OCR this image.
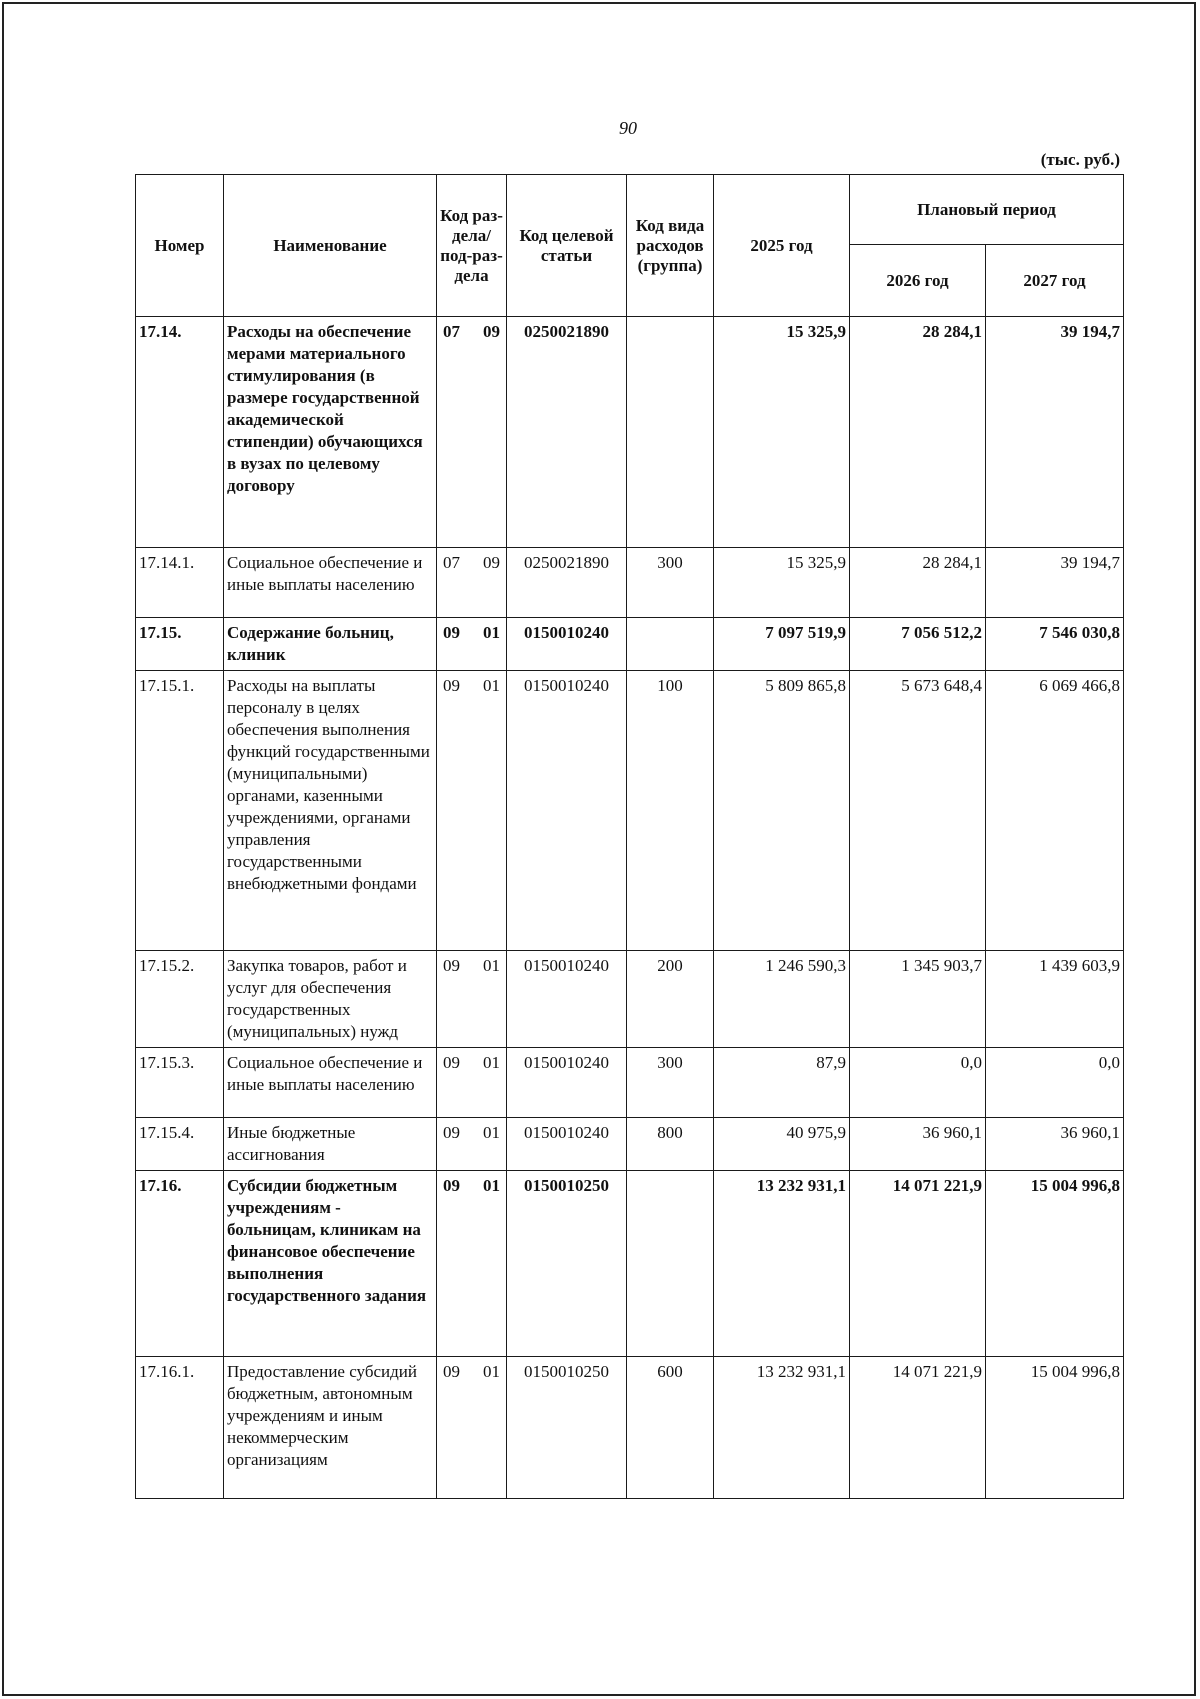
90
(тыс. руб.)
Номер	Наименование	Код раз-дела/ под-раз-дела	Код целевой статьи	Код вида расходов (группа)	2025 год	Плановый период	
						2026 год	2027 год
17.14.	Расходы на обеспечение мерами материального стимулирования (в размере государственной академической стипендии) обучающихся в вузах по целевому договору	07 09	0250021890		15 325,9	28 284,1	39 194,7
17.14.1.	Социальное обеспечение и иные выплаты населению	07 09	0250021890	300	15 325,9	28 284,1	39 194,7
17.15.	Содержание больниц, клиник	09 01	0150010240		7 097 519,9	7 056 512,2	7 546 030,8
17.15.1.	Расходы на выплаты персоналу в целях обеспечения выполнения функций государственными (муниципальными) органами, казенными учреждениями, органами управления государственными внебюджетными фондами	09 01	0150010240	100	5 809 865,8	5 673 648,4	6 069 466,8
17.15.2.	Закупка товаров, работ и услуг для обеспечения государственных (муниципальных) нужд	09 01	0150010240	200	1 246 590,3	1 345 903,7	1 439 603,9
17.15.3.	Социальное обеспечение и иные выплаты населению	09 01	0150010240	300	87,9	0,0	0,0
17.15.4.	Иные бюджетные ассигнования	09 01	0150010240	800	40 975,9	36 960,1	36 960,1
17.16.	Субсидии бюджетным учреждениям - больницам, клиникам на финансовое обеспечение выполнения государственного задания	09 01	0150010250		13 232 931,1	14 071 221,9	15 004 996,8
17.16.1.	Предоставление субсидий бюджетным, автономным учреждениям и иным некоммерческим организациям	09 01	0150010250	600	13 232 931,1	14 071 221,9	15 004 996,8
